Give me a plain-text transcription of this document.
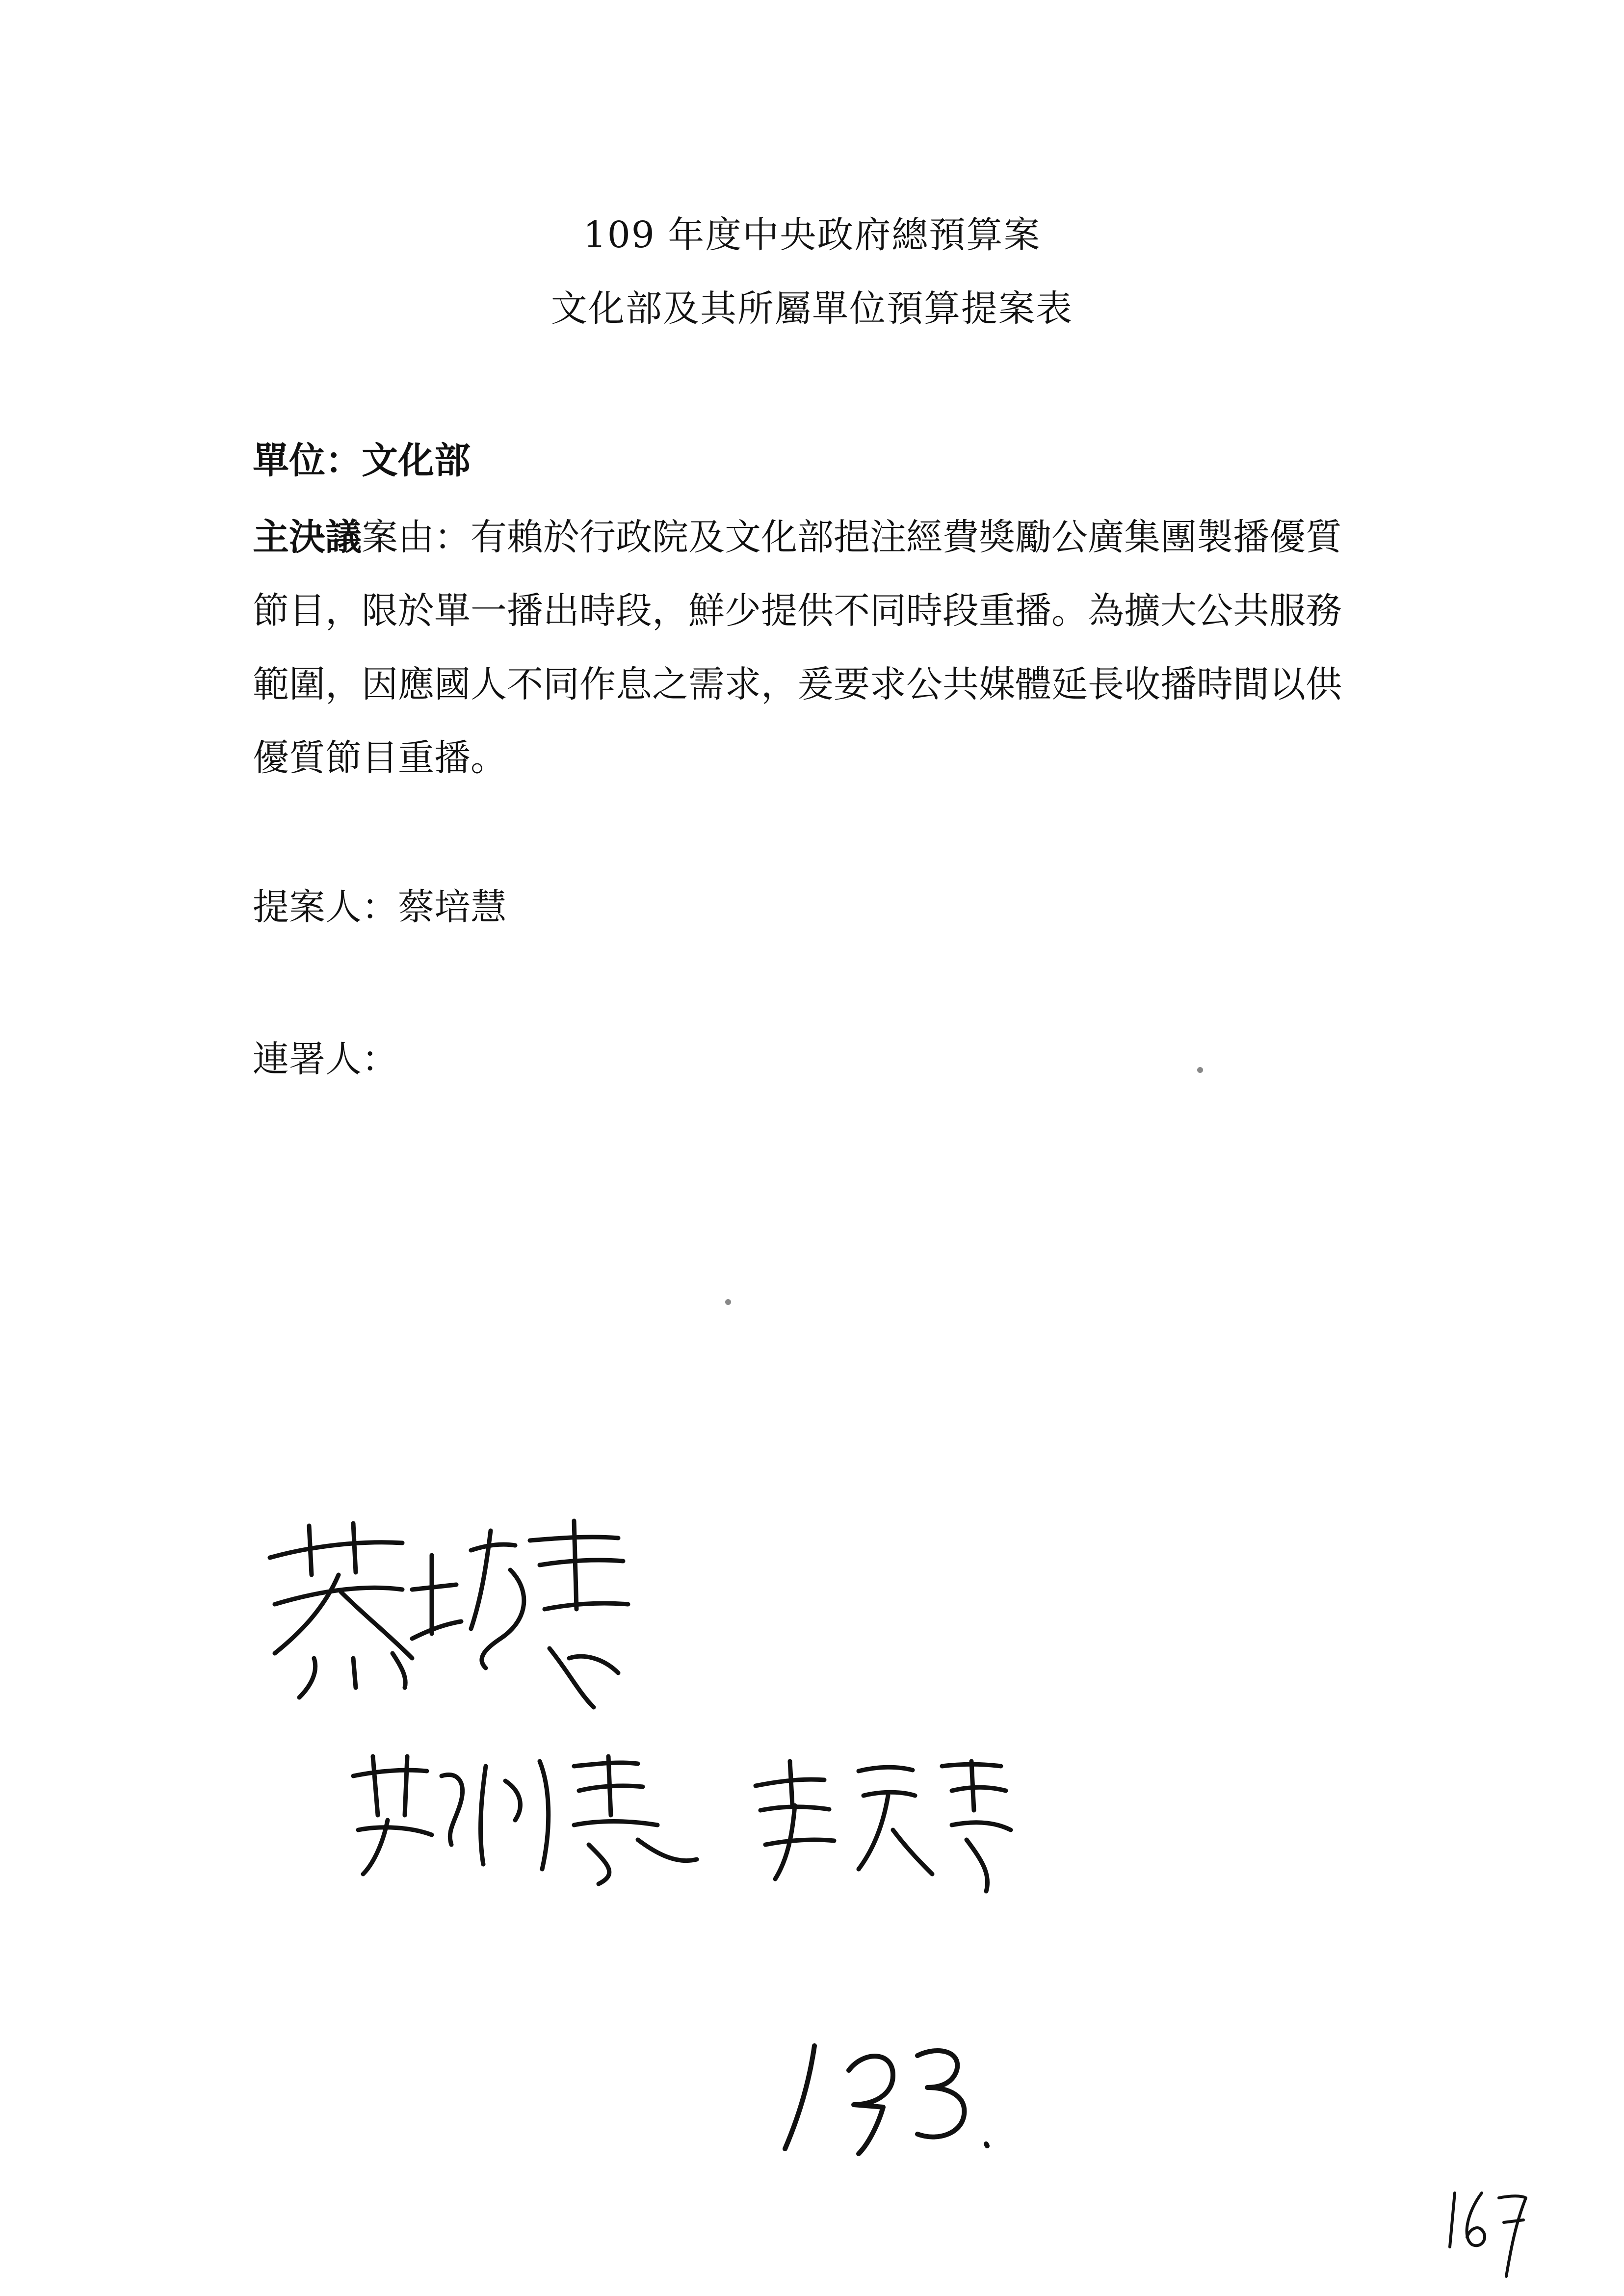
109 年度中央政府總預算案
文化部及其所屬單位預算提案表
單位：文化部
主決議案由：有賴於行政院及文化部挹注經費獎勵公廣集團製播優質節目，限於單一播出時段，鮮少提供不同時段重播。為擴大公共服務範圍，因應國人不同作息之需求，爰要求公共媒體延長收播時間以供優質節目重播。
提案人：蔡培慧
連署人：
